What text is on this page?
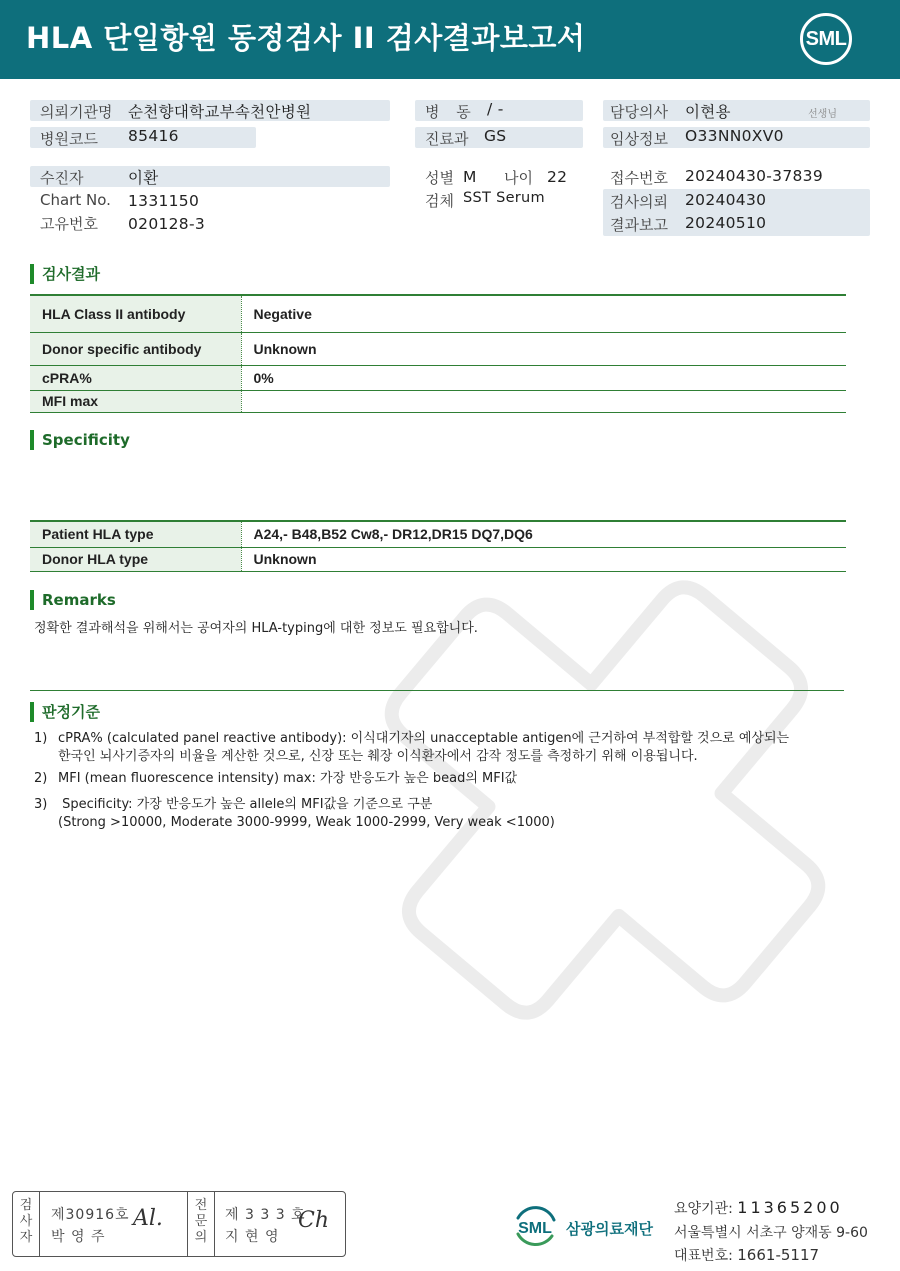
HLA 단일항원 동정검사 II 검사결과보고서	SML
의뢰기관명 순천향대학교부속천안병원
병원코드 85416
병 동 / -
진료과 GS
담당의사 이현용	선생님
임상정보 O33NN0XV0
수진자	이환
Chart No. 1331150
고유번호 020128-3
성별 M 나이 22
검체 SST Serum
접수번호 20240430-37839
검사의뢰 20240430
결과보고 20240510
검사결과
HLA Class II antibody	Negative
Donor specific antibody	Unknown
cPRA%	0%
MFI max	
Specificity
Patient HLA type	A24,- B48,B52 Cw8,- DR12,DR15 DQ7,DQ6
Donor HLA type	Unknown
Remarks
정확한 결과해석을 위해서는 공여자의 HLA-typing에 대한 정보도 필요합니다.
판정기준
1) cPRA% (calculated panel reactive antibody): 이식대기자의 unacceptable antigen에 근거하여 부적합할 것으로 예상되는
한국인 뇌사기증자의 비율을 계산한 것으로, 신장 또는 췌장 이식환자에서 감작 정도를 측정하기 위해 이용됩니다.
2) MFI (mean fluorescence intensity) max: 가장 반응도가 높은 bead의 MFI값
3) Specificity: 가장 반응도가 높은 allele의 MFI값을 기준으로 구분
(Strong >10000, Moderate 3000-9999, Weak 1000-2999, Very weak <1000)
검
사
자
제30916호
박 영 주
Al.
전
문
의
제 3 3 3 호
지 현 영
Ch	SML 삼광의료재단
요양기관: 11365200
서울특별시 서초구 양재동 9-60
대표번호: 1661-5117
